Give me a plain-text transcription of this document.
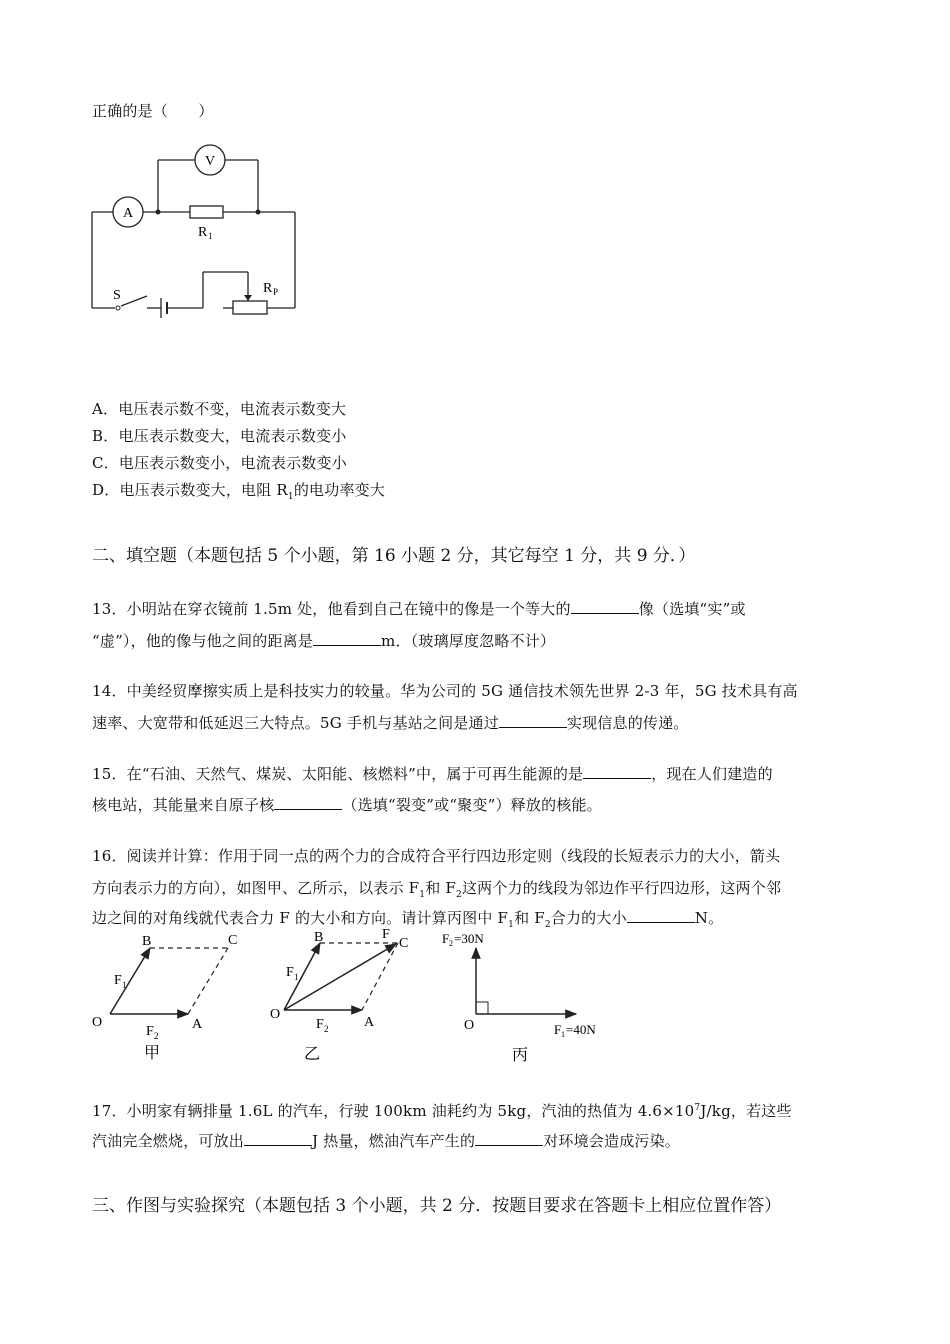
正确的是（　　）
V
A
R 1
S	R P
A．电压表示数不变，电流表示数变大
B．电压表示数变大，电流表示数变小
C．电压表示数变小，电流表示数变小
D．电压表示数变大，电阻 $R_1$的电功率变大
二、填空题（本题包括 5 个小题，第 16 小题 2 分，其它每空 1 分，共 9 分．）
13．小明站在穿衣镜前 1.5m 处，他看到自己在镜中的像是一个等大的	像（选填“实”或
“虚”），他的像与他之间的距离是	m．（玻璃厚度忽略不计）
14．中美经贸摩擦实质上是科技实力的较量。华为公司的 5G 通信技术领先世界 2-3 年，5G 技术具有高
速率、大宽带和低延迟三大特点。5G 手机与基站之间是通过	实现信息的传递。
15．在“石油、天然气、煤炭、太阳能、核燃料”中，属于可再生能源的是	，现在人们建造的
核电站，其能量来自原子核	（选填“裂变”或“聚变”）释放的核能。
16．阅读并计算：作用于同一点的两个力的合成符合平行四边形定则（线段的长短表示力的大小，箭头
方向表示力的方向），如图甲、乙所示，以表示 $F_1$和 $F_2$这两个力的线段为邻边作平行四边形，这两个邻
边之间的对角线就代表合力 F 的大小和方向。请计算丙图中 $F_1$和 $F_2$合力的大小	N。
O	A
B	C
F 1
F 2
甲
O
A
B	C
F
F 1
F 2
乙
F 2 =30N
O	F 1 =40N
丙
17．小明家有辆排量 1.6L 的汽车，行驶 100km 油耗约为 5kg，汽油的热值为 $4.6\times 10^7J/kg$，若这些
汽油完全燃烧，可放出	J 热量，燃油汽车产生的	对环境会造成污染。
三、作图与实验探究（本题包括 3 个小题，共 2 分．按题目要求在答题卡上相应位置作答）
